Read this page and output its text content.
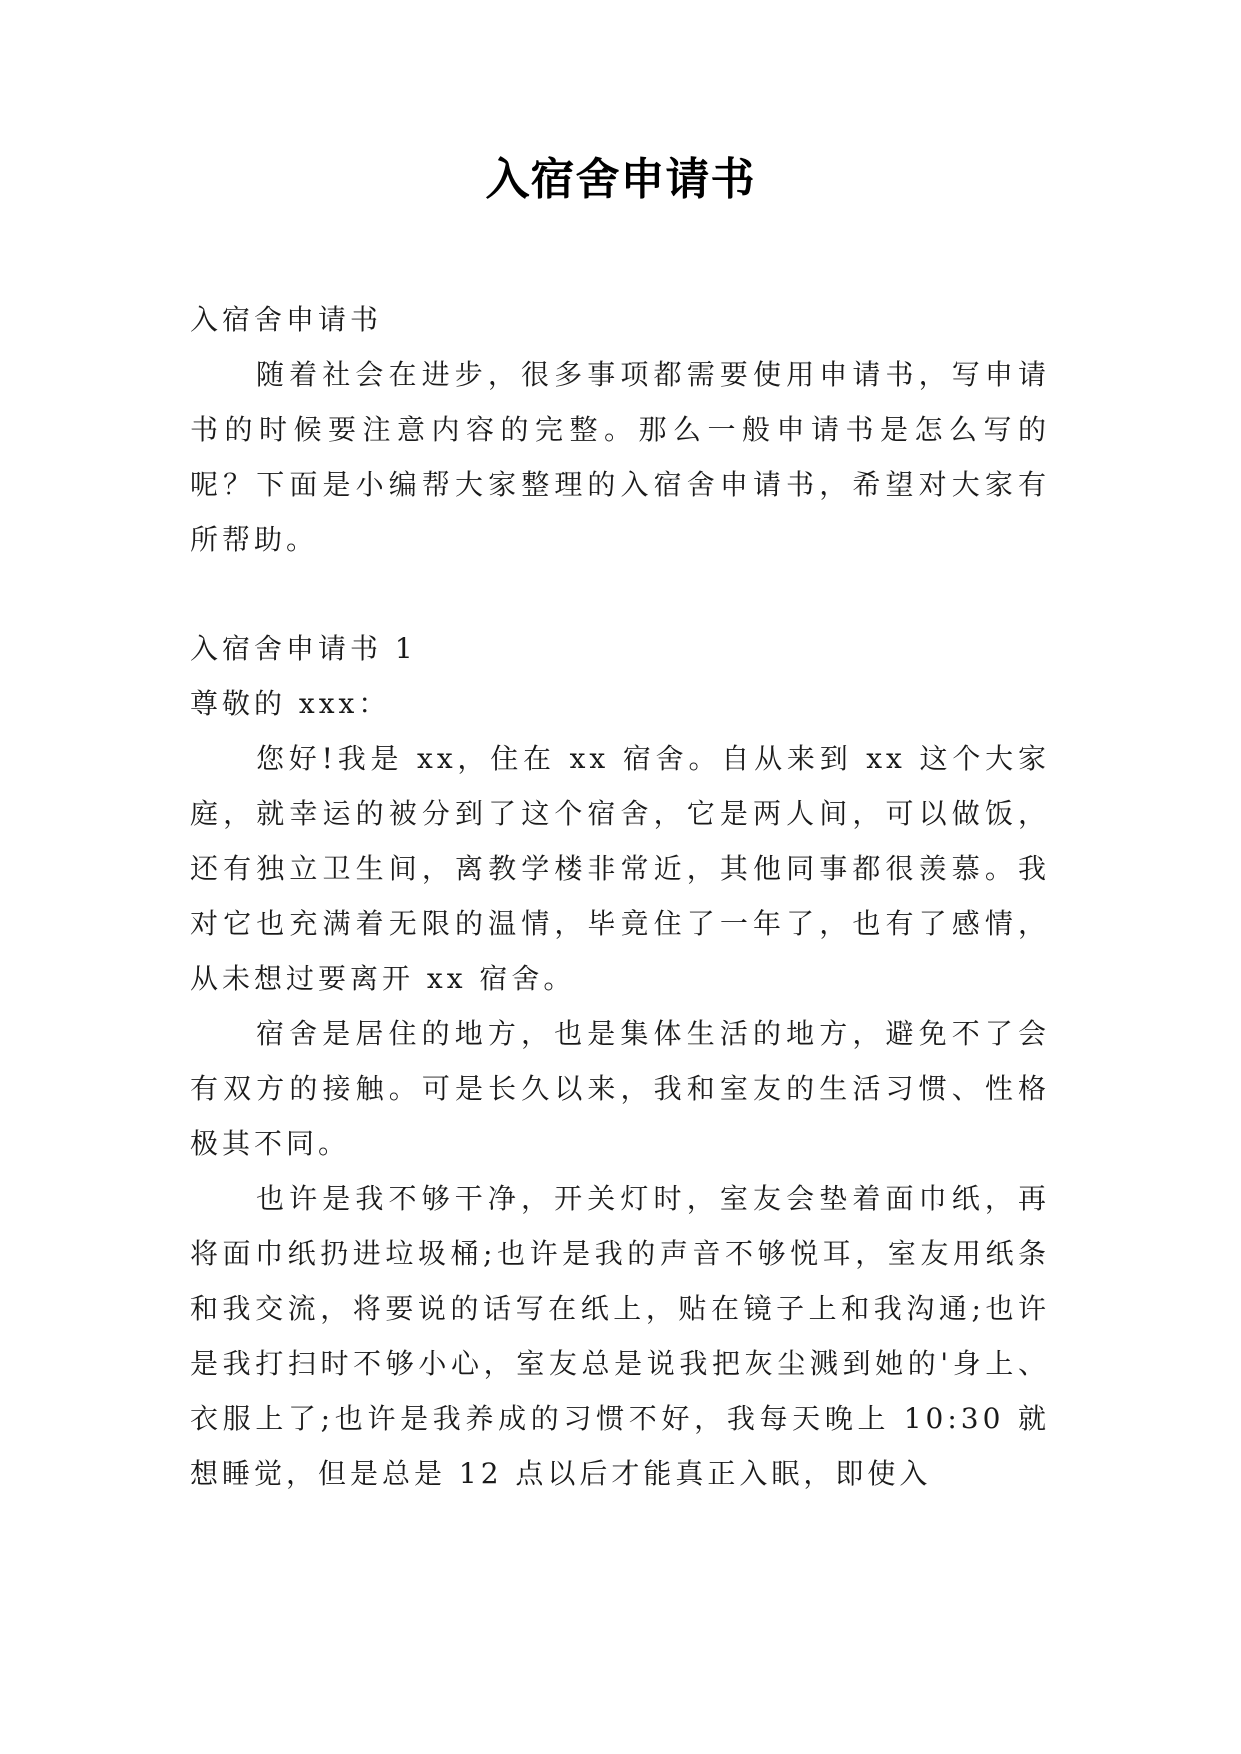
入宿舍申请书

入宿舍申请书

随着社会在进步，很多事项都需要使用申请书，写申请书的时候要注意内容的完整。那么一般申请书是怎么写的呢？下面是小编帮大家整理的入宿舍申请书，希望对大家有所帮助。

入宿舍申请书 1

尊敬的 xxx：

您好!我是 xx，住在 xx 宿舍。自从来到 xx 这个大家庭，就幸运的被分到了这个宿舍，它是两人间，可以做饭，还有独立卫生间，离教学楼非常近，其他同事都很羡慕。我对它也充满着无限的温情，毕竟住了一年了，也有了感情，从未想过要离开 xx 宿舍。

宿舍是居住的地方，也是集体生活的地方，避免不了会有双方的接触。可是长久以来，我和室友的生活习惯、性格极其不同。

也许是我不够干净，开关灯时，室友会垫着面巾纸，再将面巾纸扔进垃圾桶;也许是我的声音不够悦耳，室友用纸条和我交流，将要说的话写在纸上，贴在镜子上和我沟通;也许是我打扫时不够小心，室友总是说我把灰尘溅到她的'身上、衣服上了;也许是我养成的习惯不好，我每天晚上 10:30 就想睡觉，但是总是 12 点以后才能真正入眠，即使入
